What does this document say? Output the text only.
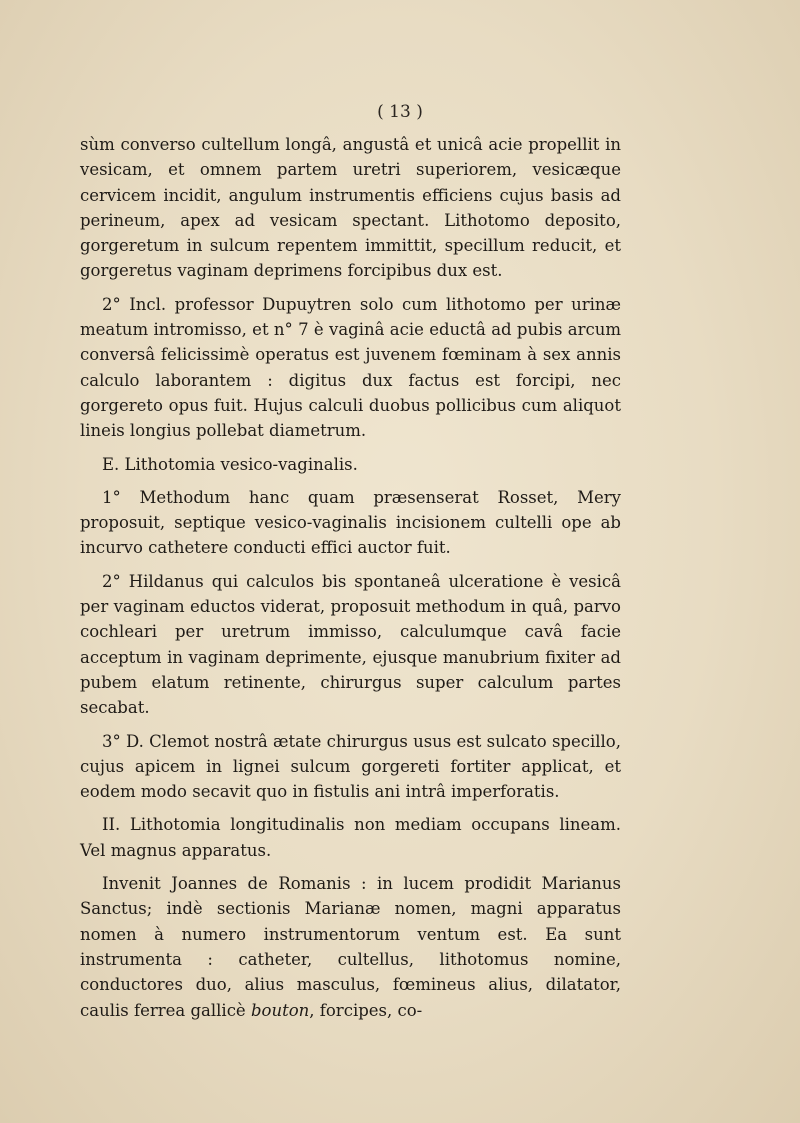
( 13 )

sùm converso cultellum longâ, angustâ et unicâ acie propellit in vesicam, et omnem partem uretri superiorem, vesicæque cervicem incidit, angulum instrumentis efficiens cujus basis ad perineum, apex ad vesicam spectant. Lithotomo deposito, gorgeretum in sulcum repentem immittit, specillum reducit, et gorgeretus vaginam deprimens forcipibus dux est.

2° Incl. professor Dupuytren solo cum lithotomo per urinæ meatum intromisso, et n° 7 è vaginâ acie eductâ ad pubis arcum conversâ felicissimè operatus est juvenem fœminam à sex annis calculo laborantem : digitus dux factus est forcipi, nec gorgereto opus fuit. Hujus calculi duobus pollicibus cum aliquot lineis longius pollebat diametrum.

E. Lithotomia vesico-vaginalis.

1° Methodum hanc quam præsenserat Rosset, Mery proposuit, septique vesico-vaginalis incisionem cultelli ope ab incurvo cathetere conducti effici auctor fuit.

2° Hildanus qui calculos bis spontaneâ ulceratione è vesicâ per vaginam eductos viderat, proposuit methodum in quâ, parvo cochleari per uretrum immisso, calculumque cavâ facie acceptum in vaginam deprimente, ejusque manubrium fixiter ad pubem elatum retinente, chirurgus super calculum partes secabat.

3° D. Clemot nostrâ ætate chirurgus usus est sulcato specillo, cujus apicem in lignei sulcum gorgereti fortiter applicat, et eodem modo secavit quo in fistulis ani intrâ imperforatis.

II. Lithotomia longitudinalis non mediam occupans lineam. Vel magnus apparatus.

Invenit Joannes de Romanis : in lucem prodidit Marianus Sanctus; indè sectionis Marianæ nomen, magni apparatus nomen à numero instrumentorum ventum est. Ea sunt instrumenta : catheter, cultellus, lithotomus nomine, conductores duo, alius masculus, fœmineus alius, dilatator, caulis ferrea gallicè bouton, forcipes, co-
